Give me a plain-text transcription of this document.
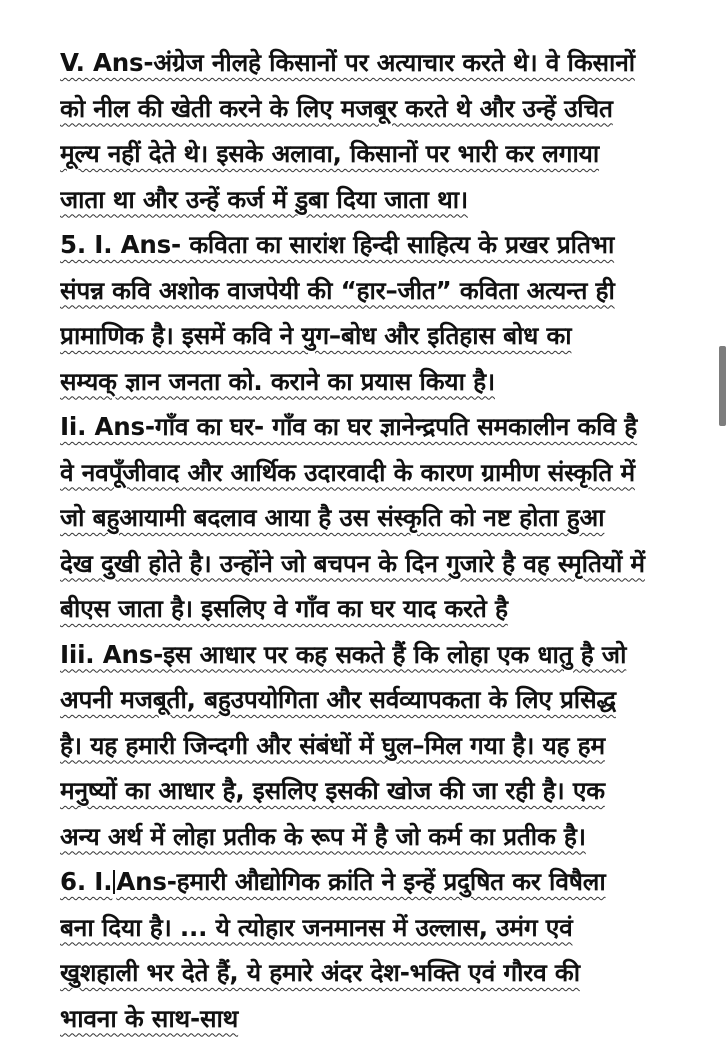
V. Ans-अंग्रेज नीलहे किसानों पर अत्याचार करते थे। वे किसानों
को नील की खेती करने के लिए मजबूर करते थे और उन्हें उचित
मूल्य नहीं देते थे। इसके अलावा, किसानों पर भारी कर लगाया
जाता था और उन्हें कर्ज में डुबा दिया जाता था।
5. I. Ans- कविता का सारांश हिन्दी साहित्य के प्रखर प्रतिभा
संपन्न कवि अशोक वाजपेयी की “हार–जीत” कविता अत्यन्त ही
प्रामाणिक है। इसमें कवि ने युग–बोध और इतिहास बोध का
सम्यक् ज्ञान जनता को. कराने का प्रयास किया है।
Ii. Ans-गाँव का घर- गाँव का घर ज्ञानेन्द्रपति समकालीन कवि है
वे नवपूँजीवाद और आर्थिक उदारवादी के कारण ग्रामीण संस्कृति में
जो बहुआयामी बदलाव आया है उस संस्कृति को नष्ट होता हुआ
देख दुखी होते है। उन्होंने जो बचपन के दिन गुजारे है वह स्मृतियों में
बीएस जाता है। इसलिए वे गाँव का घर याद करते है
Iii. Ans-इस आधार पर कह सकते हैं कि लोहा एक धातु है जो
अपनी मजबूती, बहुउपयोगिता और सर्वव्यापकता के लिए प्रसिद्ध
है। यह हमारी जिन्दगी और संबंधों में घुल–मिल गया है। यह हम
मनुष्यों का आधार है, इसलिए इसकी खोज की जा रही है। एक
अन्य अर्थ में लोहा प्रतीक के रूप में है जो कर्म का प्रतीक है।
6. I. Ans-हमारी औद्योगिक क्रांति ने इन्हें प्रदुषित कर विषैला
बना दिया है। ... ये त्योहार जनमानस में उल्लास, उमंग एवं
खुशहाली भर देते हैं, ये हमारे अंदर देश-भक्ति एवं गौरव की
भावना के साथ-साथ
